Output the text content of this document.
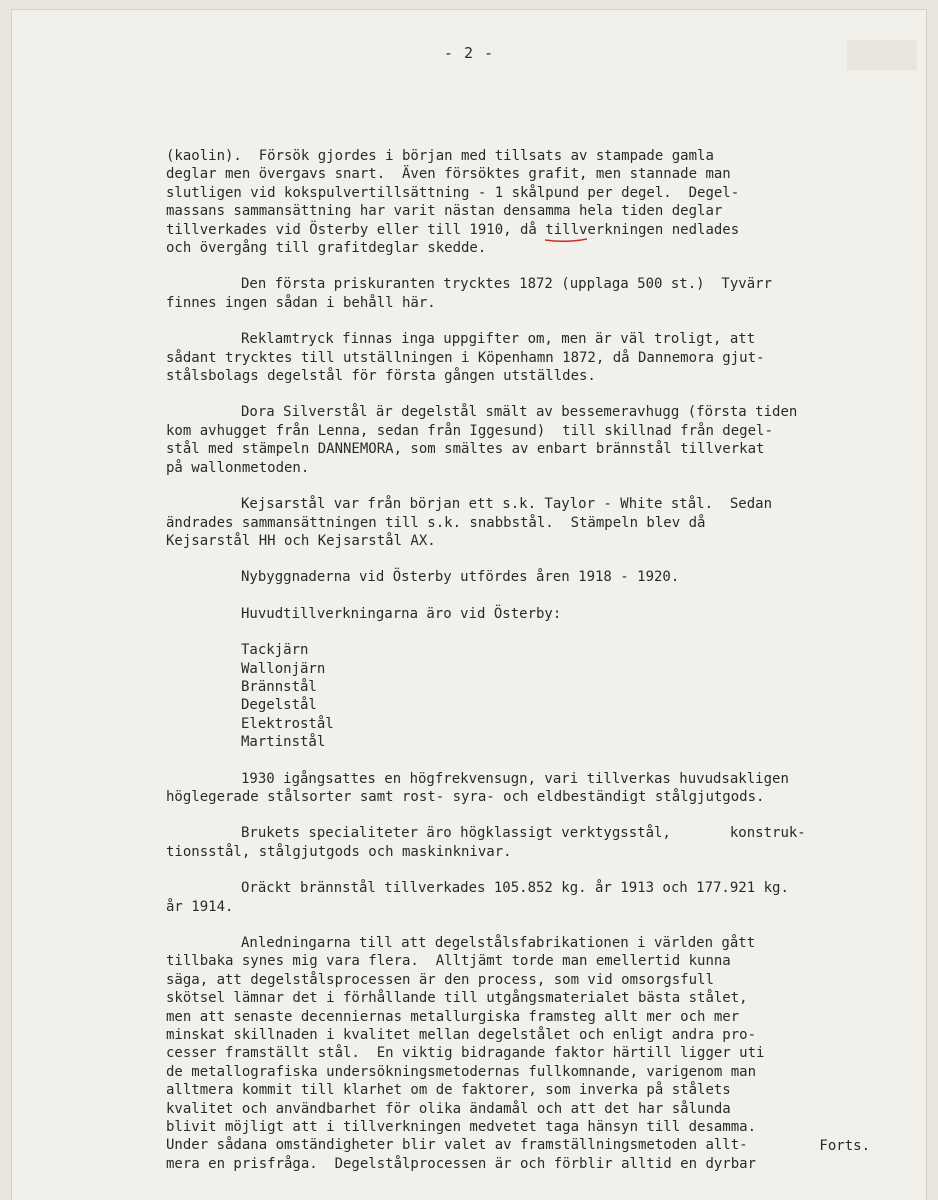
- 2 -

(kaolin).  Försök gjordes i början med tillsats av stampade gamla

deglar men övergavs snart.  Även försöktes grafit, men stannade man

slutligen vid kokspulvertillsättning - 1 skålpund per degel.  Degel-

massans sammansättning har varit nästan densamma hela tiden deglar

tillverkades vid Österby eller till 1910, då tillverkningen nedlades

och övergång till grafitdeglar skedde.

Den första priskuranten trycktes 1872 (upplaga 500 st.)  Tyvärr

finnes ingen sådan i behåll här.

Reklamtryck finnas inga uppgifter om, men är väl troligt, att

sådant trycktes till utställningen i Köpenhamn 1872, då Dannemora gjut-

stålsbolags degelstål för första gången utställdes.

Dora Silverstål är degelstål smält av bessemeravhugg (första tiden

kom avhugget från Lenna, sedan från Iggesund)  till skillnad från degel-

stål med stämpeln DANNEMORA, som smältes av enbart brännstål tillverkat

på wallonmetoden.

Kejsarstål var från början ett s.k. Taylor - White stål.  Sedan

ändrades sammansättningen till s.k. snabbstål.  Stämpeln blev då

Kejsarstål HH och Kejsarstål AX.

Nybyggnaderna vid Österby utfördes åren 1918 - 1920.

Huvudtillverkningarna äro vid Österby:

Tackjärn
Wallonjärn
Brännstål
Degelstål
Elektrostål
Martinstål

1930 igångsattes en högfrekvensugn, vari tillverkas huvudsakligen

höglegerade stålsorter samt rost- syra- och eldbeständigt stålgjutgods.

Brukets specialiteter äro högklassigt verktygsstål,       konstruk-

tionsstål, stålgjutgods och maskinknivar.

Oräckt brännstål tillverkades 105.852 kg. år 1913 och 177.921 kg.

år 1914.

Anledningarna till att degelstålsfabrikationen i världen gått

tillbaka synes mig vara flera.  Alltjämt torde man emellertid kunna

säga, att degelstålsprocessen är den process, som vid omsorgsfull

skötsel lämnar det i förhållande till utgångsmaterialet bästa stålet,

men att senaste decenniernas metallurgiska framsteg allt mer och mer

minskat skillnaden i kvalitet mellan degelstålet och enligt andra pro-

cesser framställt stål.  En viktig bidragande faktor härtill ligger uti

de metallografiska undersökningsmetodernas fullkomnande, varigenom man

alltmera kommit till klarhet om de faktorer, som inverka på stålets

kvalitet och användbarhet för olika ändamål och att det har sålunda

blivit möjligt att i tillverkningen medvetet taga hänsyn till desamma.

Under sådana omständigheter blir valet av framställningsmetoden allt-

mera en prisfråga.  Degelstålprocessen är och förblir alltid en dyrbar

Forts.
